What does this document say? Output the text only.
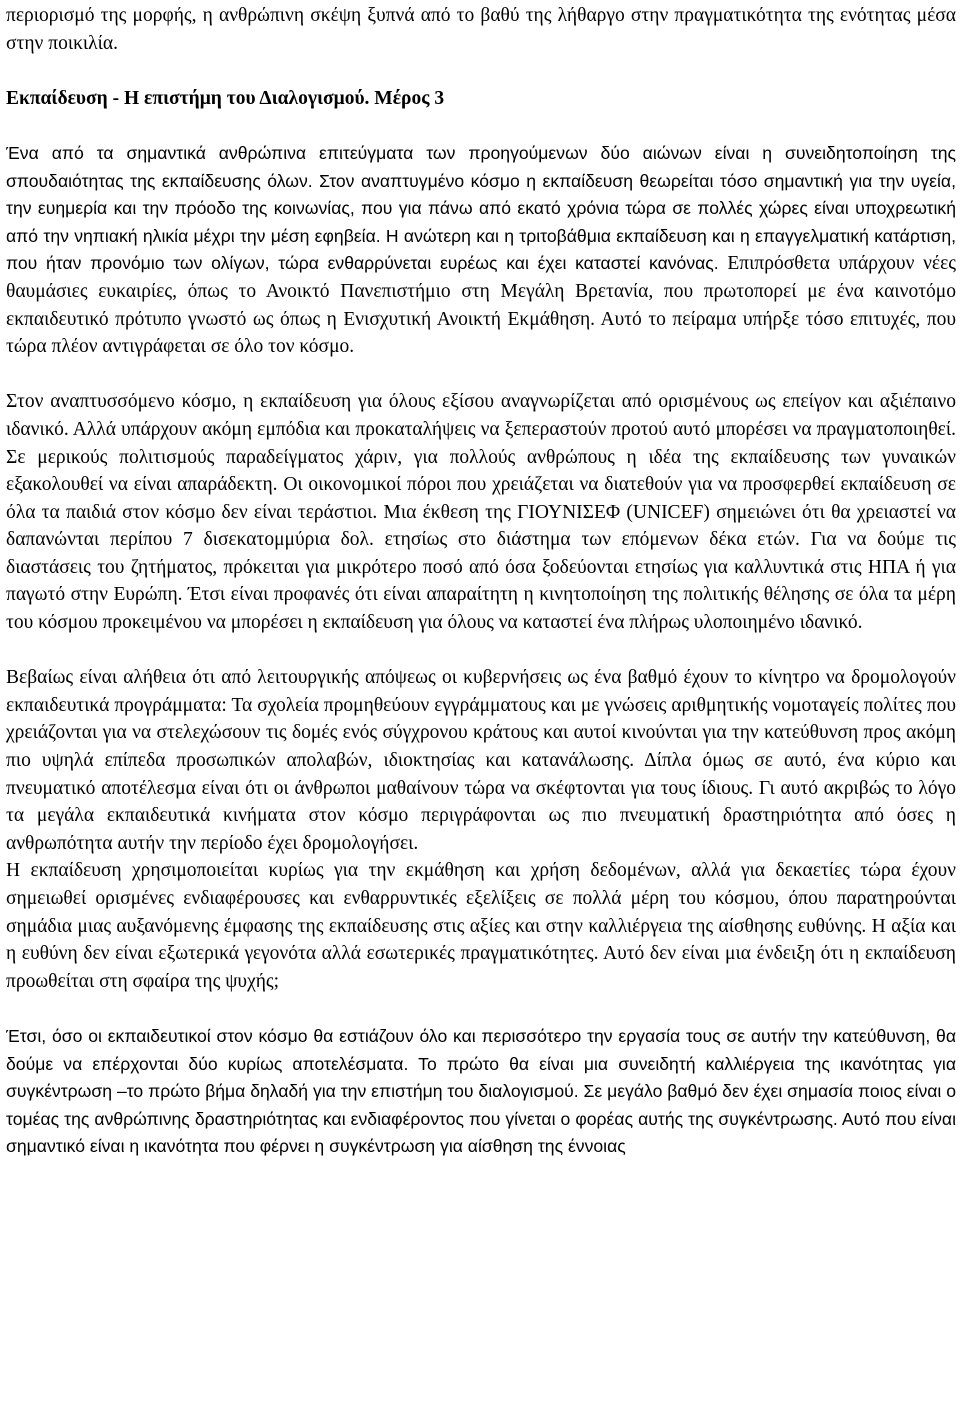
περιορισμό της μορφής, η ανθρώπινη σκέψη ξυπνά από το βαθύ της λήθαργο στην πραγματικότητα της ενότητας μέσα στην ποικιλία.

Εκπαίδευση - Η επιστήμη του Διαλογισμού. Μέρος 3

Ένα από τα σημαντικά ανθρώπινα επιτεύγματα των προηγούμενων δύο αιώνων είναι η συνειδητοποίηση της σπουδαιότητας της εκπαίδευσης όλων. Στον αναπτυγμένο κόσμο η εκπαίδευση θεωρείται τόσο σημαντική για την υγεία, την ευημερία και την πρόοδο της κοινωνίας, που για πάνω από εκατό χρόνια τώρα σε πολλές χώρες είναι υποχρεωτική από την νηπιακή ηλικία μέχρι την μέση εφηβεία. Η ανώτερη και η τριτοβάθμια εκπαίδευση και η επαγγελματική κατάρτιση, που ήταν προνόμιο των ολίγων, τώρα ενθαρρύνεται ευρέως και έχει καταστεί κανόνας. Επιπρόσθετα υπάρχουν νέες θαυμάσιες ευκαιρίες, όπως το Ανοικτό Πανεπιστήμιο στη Μεγάλη Βρετανία, που πρωτοπορεί με ένα καινοτόμο εκπαιδευτικό πρότυπο γνωστό ως όπως η Ενισχυτική Ανοικτή Εκμάθηση. Αυτό το πείραμα υπήρξε τόσο επιτυχές, που τώρα πλέον αντιγράφεται σε όλο τον κόσμο.

Στον αναπτυσσόμενο κόσμο, η εκπαίδευση για όλους εξίσου αναγνωρίζεται από ορισμένους ως επείγον και αξιέπαινο ιδανικό. Αλλά υπάρχουν ακόμη εμπόδια και προκαταλήψεις να ξεπεραστούν προτού αυτό μπορέσει να πραγματοποιηθεί. Σε μερικούς πολιτισμούς παραδείγματος χάριν, για πολλούς ανθρώπους η ιδέα της εκπαίδευσης των γυναικών εξακολουθεί να είναι απαράδεκτη. Οι οικονομικοί πόροι που χρειάζεται να διατεθούν για να προσφερθεί εκπαίδευση σε όλα τα παιδιά στον κόσμο δεν είναι τεράστιοι. Μια έκθεση της ΓΙΟΥΝΙΣΕΦ (UNICEF) σημειώνει ότι θα χρειαστεί να δαπανώνται περίπου 7 δισεκατομμύρια δολ. ετησίως στο διάστημα των επόμενων δέκα ετών. Για να δούμε τις διαστάσεις του ζητήματος, πρόκειται για μικρότερο ποσό από όσα ξοδεύονται ετησίως για καλλυντικά στις ΗΠΑ ή για παγωτό στην Ευρώπη. Έτσι είναι προφανές ότι είναι απαραίτητη η κινητοποίηση της πολιτικής θέλησης σε όλα τα μέρη του κόσμου προκειμένου να μπορέσει η εκπαίδευση για όλους να καταστεί ένα πλήρως υλοποιημένο ιδανικό.

Βεβαίως είναι αλήθεια ότι από λειτουργικής απόψεως οι κυβερνήσεις ως ένα βαθμό έχουν το κίνητρο να δρομολογούν εκπαιδευτικά προγράμματα: Τα σχολεία προμηθεύουν εγγράμματους και με γνώσεις αριθμητικής νομοταγείς πολίτες που χρειάζονται για να στελεχώσουν τις δομές ενός σύγχρονου κράτους και αυτοί κινούνται για την κατεύθυνση προς ακόμη πιο υψηλά επίπεδα προσωπικών απολαβών, ιδιοκτησίας και κατανάλωσης. Δίπλα όμως σε αυτό, ένα κύριο και πνευματικό αποτέλεσμα είναι ότι οι άνθρωποι μαθαίνουν τώρα να σκέφτονται για τους ίδιους. Γι αυτό ακριβώς το λόγο τα μεγάλα εκπαιδευτικά κινήματα στον κόσμο περιγράφονται ως πιο πνευματική δραστηριότητα από όσες η ανθρωπότητα αυτήν την περίοδο έχει δρομολογήσει.

Η εκπαίδευση χρησιμοποιείται κυρίως για την εκμάθηση και χρήση δεδομένων, αλλά για δεκαετίες τώρα έχουν σημειωθεί ορισμένες ενδιαφέρουσες και ενθαρρυντικές εξελίξεις σε πολλά μέρη του κόσμου, όπου παρατηρούνται σημάδια μιας αυξανόμενης έμφασης της εκπαίδευσης στις αξίες και στην καλλιέργεια της αίσθησης ευθύνης. Η αξία και η ευθύνη δεν είναι εξωτερικά γεγονότα αλλά εσωτερικές πραγματικότητες. Αυτό δεν είναι μια ένδειξη ότι η εκπαίδευση προωθείται στη σφαίρα της ψυχής;

Έτσι, όσο οι εκπαιδευτικοί στον κόσμο θα εστιάζουν όλο και περισσότερο την εργασία τους σε αυτήν την κατεύθυνση, θα δούμε να επέρχονται δύο κυρίως αποτελέσματα. Το πρώτο θα είναι μια συνειδητή καλλιέργεια της ικανότητας για συγκέντρωση –το πρώτο βήμα δηλαδή για την επιστήμη του διαλογισμού. Σε μεγάλο βαθμό δεν έχει σημασία ποιος είναι ο τομέας της ανθρώπινης δραστηριότητας και ενδιαφέροντος που γίνεται ο φορέας αυτής της συγκέντρωσης. Αυτό που είναι σημαντικό είναι η ικανότητα που φέρνει η συγκέντρωση για αίσθηση της έννοιας
